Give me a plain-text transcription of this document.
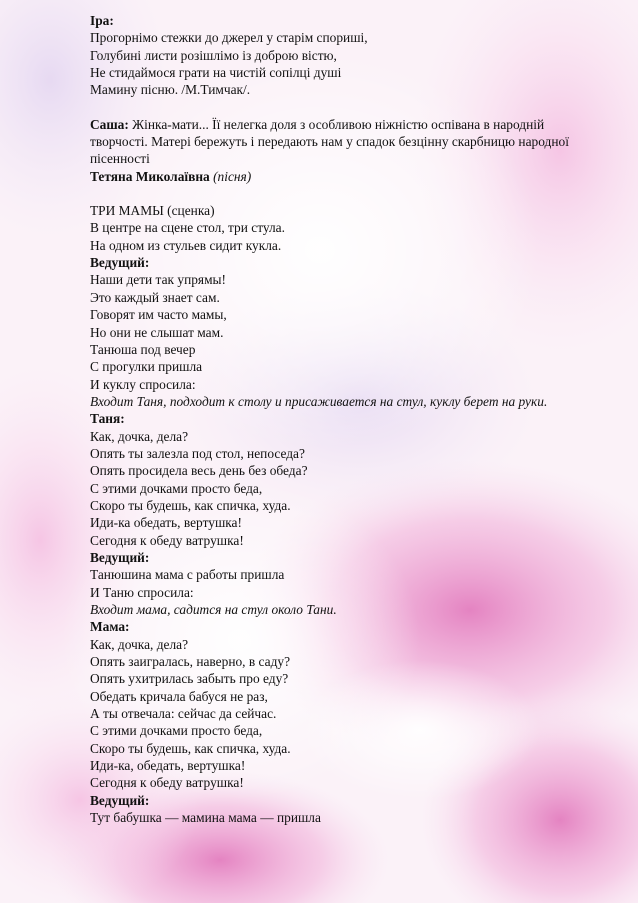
Іра:
Прогорнімо стежки до джерел у старім спориші,
Голубині листи розішлімо із доброю вістю,
Не стидаймося грати на чистій сопілці душі
Мамину пісню. /М.Тимчак/.
Саша: Жінка-мати... Її нелегка доля з особливою ніжністю оспівана в народній творчості. Матері бережуть і передають нам у спадок безцінну скарбницю народної пісенності
Тетяна Миколаївна (пісня)
ТРИ МАМЫ (сценка)
В центре на сцене стол, три стула.
На одном из стульев сидит кукла.
Ведущий:
Наши дети так упрямы!
Это каждый знает сам.
Говорят им часто мамы,
Но они не слышат мам.
Танюша под вечер
С прогулки пришла
И куклу спросила:
Входит Таня, подходит к столу и присаживается на стул, куклу берет на руки.
Таня:
Как, дочка, дела?
Опять ты залезла под стол, непоседа?
Опять просидела весь день без обеда?
С этими дочками просто беда,
Скоро ты будешь, как спичка, худа.
Иди-ка обедать, вертушка!
Сегодня к обеду ватрушка!
Ведущий:
Танюшина мама с работы пришла
И Таню спросила:
Входит мама, садится на стул около Тани.
Мама:
Как, дочка, дела?
Опять заигралась, наверно, в саду?
Опять ухитрилась забыть про еду?
Обедать кричала бабуся не раз,
А ты отвечала: сейчас да сейчас.
С этими дочками просто беда,
Скоро ты будешь, как спичка, худа.
Иди-ка, обедать, вертушка!
Сегодня к обеду ватрушка!
Ведущий:
Тут бабушка — мамина мама — пришла
